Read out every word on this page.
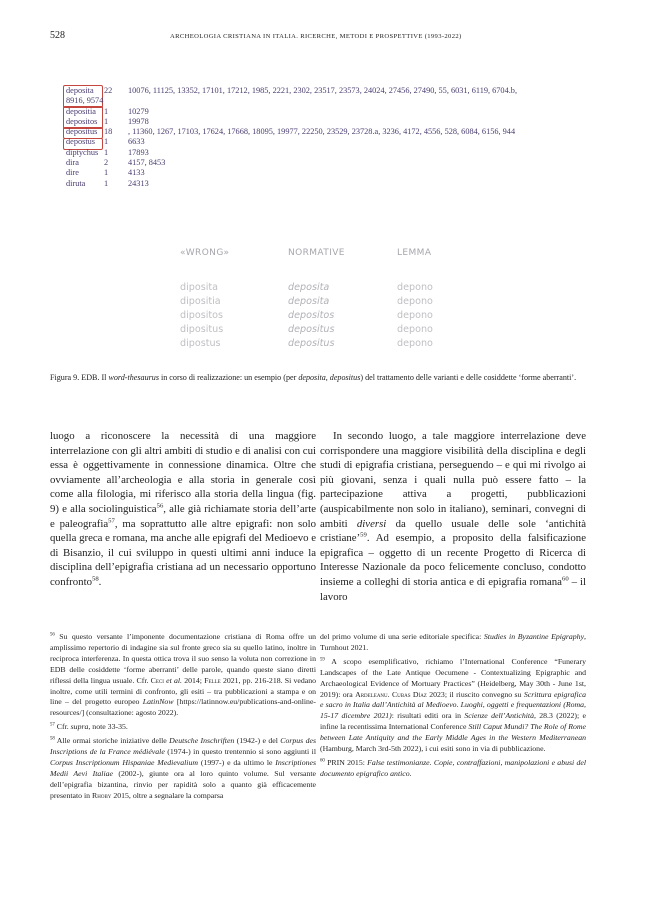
528	ARCHEOLOGIA CRISTIANA IN ITALIA. RICERCHE, METODI E PROSPETTIVE (1993-2022)
deposita 22 10076, 11125, 13352, 17101, 17212, 1985, 2221, 2302, 23517, 23573, 24024, 27456, 27490, 55, 6031, 6119, 6704.b,
8916, 9574
depositia 1 10279
depositos 1 19978
depositus 18 , 11360, 1267, 17103, 17624, 17668, 18095, 19977, 22250, 23529, 23728.a, 3236, 4172, 4556, 528, 6084, 6156, 944
depostus 1 6633
diptychus 1 17893
dira	2 4157, 8453
dire	1 4133
diruta 1 24313
«WRONG»	NORMATIVE	LEMMA
diposita	deposita	depono
dipositia	deposita	depono
dipositos	depositos	depono
dipositus	depositus	depono
dipostus	depositus	depono
Figura 9. EDB. Il word-thesaurus in corso di realizzazione: un esempio (per deposita, depositus) del trattamento delle varianti e delle cosiddette ‘forme aberranti’.

luogo a riconoscere la necessità di una maggiore interrelazione con gli altri ambiti di studio e di analisi con cui essa è oggettivamente in connessione dinamica. Oltre che ovviamente all’archeologia e alla storia in generale così come alla filologia, mi riferisco alla storia della lingua (fig. 9) e alla sociolinguistica$^{56}$, alle già richiamate storia dell’arte e paleografia$^{57}$, ma soprattutto alle altre epigrafi: non solo quella greca e romana, ma anche alle epigrafi del Medioevo e di Bisanzio, il cui sviluppo in questi ultimi anni induce la disciplina dell’epigrafia cristiana ad un necessario opportuno confronto$^{58}$.

In secondo luogo, a tale maggiore interrelazione deve corrispondere una maggiore visibilità della disciplina e degli studi di epigrafia cristiana, perseguendo – e qui mi rivolgo ai più giovani, senza i quali nulla può essere fatto – la partecipazione attiva a progetti, pubblicazioni (auspicabilmente non solo in italiano), seminari, convegni di ambiti diversi da quello usuale delle sole ‘antichità cristiane’$^{59}$. Ad esempio, a proposito della falsificazione epigrafica – oggetto di un recente Progetto di Ricerca di Interesse Nazionale da poco felicemente concluso, condotto insieme a colleghi di storia antica e di epigrafia romana$^{60}$ – il lavoro

$^{56}$ Su questo versante l’imponente documentazione cristiana di Roma offre un amplissimo repertorio di indagine sia sul fronte greco sia su quello latino, inoltre in reciproca interferenza. In questa ottica trova il suo senso la voluta non correzione in EDB delle cosiddette ‘forme aberranti’ delle parole, quando queste siano diretti riflessi della lingua usuale. Cfr. Ceci et al. 2014; Felle 2021, pp. 216-218. Si vedano inoltre, come utili termini di confronto, gli esiti – tra pubblicazioni a stampa e on line – del progetto europeo LatinNow [https://latinnow.eu/publications-and-online-resources/] (consultazione: agosto 2022).

$^{57}$ Cfr. supra, note 33-35.

$^{58}$ Alle ormai storiche iniziative delle Deutsche Inschriften (1942-) e del Corpus des Inscriptions de la France médiévale (1974-) in questo trentennio si sono aggiunti il Corpus Inscriptionum Hispaniae Medievalium (1997-) e da ultimo le Inscriptiones Medii Aevi Italiae (2002-), giunte ora al loro quinto volume. Sul versante dell’epigrafia bizantina, rinvio per rapidità solo a quanto già efficacemente presentato in Rhoby 2015, oltre a segnalare la comparsa

del primo volume di una serie editoriale specifica: Studies in Byzantine Epigraphy, Turnhout 2021.

$^{59}$ A scopo esemplificativo, richiamo l’International Conference “Funerary Landscapes of the Late Antique Oecumene - Contextualizing Epigraphic and Archaeological Evidence of Mortuary Practices” (Heidelberg, May 30th - June 1st, 2019): ora Ardeleanu. Cubas Díaz 2023; il riuscito convegno su Scrittura epigrafica e sacro in Italia dall’Antichità al Medioevo. Luoghi, oggetti e frequentazioni (Roma, 15-17 dicembre 2021): risultati editi ora in Scienze dell’Antichità, 28.3 (2022); e infine la recentissima International Conference Still Caput Mundi? The Role of Rome between Late Antiquity and the Early Middle Ages in the Western Mediterranean (Hamburg, March 3rd-5th 2022), i cui esiti sono in via di pubblicazione.

$^{60}$ PRIN 2015: False testimonianze. Copie, contraffazioni, manipolazioni e abusi del documento epigrafico antico.
